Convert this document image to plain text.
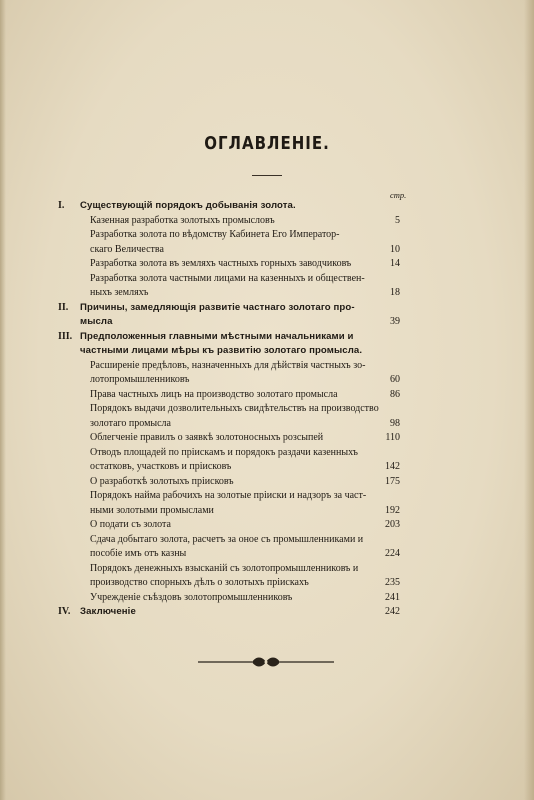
ОГЛАВЛЕНІЕ.
стр.
I. Существующій порядокъ добыванія золота.
Казенная разработка золотыхъ промысловъ	5
Разработка золота по вѣдомству Кабинета Его Император-
скаго Величества	10
Разработка золота въ земляхъ частныхъ горныхъ заводчиковъ	14
Разработка золота частными лицами на казенныхъ и обществен-
ныхъ земляхъ	18
II. Причины, замедляющія развитіе частнаго золотаго про-
мысла	39
III. Предположенныя главными мѣстными начальниками и
частными лицами мѣры къ развитію золотаго промысла.
Расширеніе предѣловъ, назначенныхъ для дѣйствія частныхъ зо-
лотопромышленниковъ	60
Права частныхъ лицъ на производство золотаго промысла	86
Порядокъ выдачи дозволительныхъ свидѣтельствъ на производство
золотаго промысла	98
Облегченіе правилъ о заявкѣ золотоносныхъ розсыпей	110
Отводъ площадей по пріискамъ и порядокъ раздачи казенныхъ
остатковъ, участковъ и пріисковъ	142
О разработкѣ золотыхъ пріисковъ	175
Порядокъ найма рабочихъ на золотые пріиски и надзоръ за част-
ными золотыми промыслами	192
О подати съ золота	203
Сдача добытаго золота, расчетъ за оное съ промышленниками и
пособіе имъ отъ казны	224
Порядокъ денежныхъ взысканій съ золотопромышленниковъ и
производство спорныхъ дѣлъ о золотыхъ пріискахъ	235
Учрежденіе съѣздовъ золотопромышленниковъ	241
IV. Заключеніе	242
